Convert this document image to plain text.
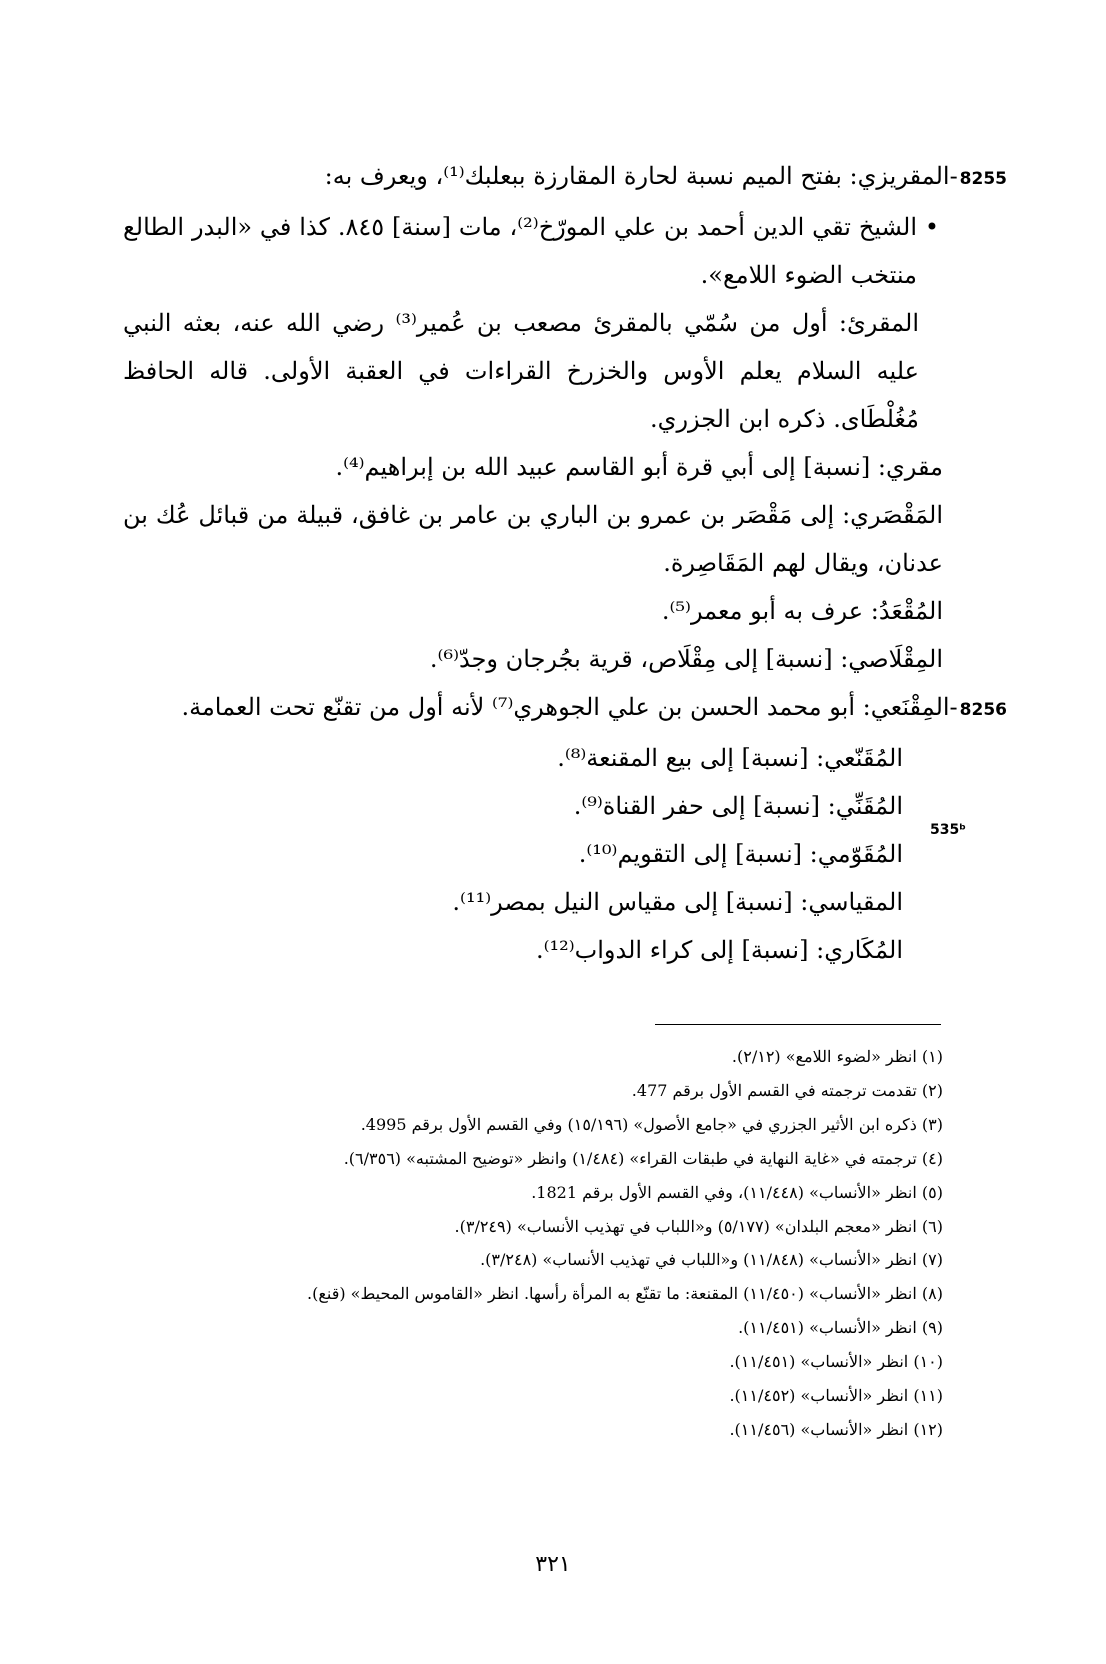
8255-المقريزي: بفتح الميم نسبة لحارة المقارزة ببعلبك⁽¹⁾، ويعرف به:

•
الشيخ تقي الدين أحمد بن علي المورّخ⁽²⁾، مات [سنة] ٨٤٥. كذا في «البدر الطالع منتخب الضوء اللامع».

المقرئ: أول من سُمّي بالمقرئ مصعب بن عُمير⁽³⁾ رضي الله عنه، بعثه النبي عليه السلام يعلم الأوس والخزرخ القراءات في العقبة الأولى. قاله الحافظ مُغُلْطَاى. ذكره ابن الجزري.

مقري: [نسبة] إلى أبي قرة أبو القاسم عبيد الله بن إبراهيم⁽⁴⁾.

المَقْصَري: إلى مَقْصَر بن عمرو بن الباري بن عامر بن غافق، قبيلة من قبائل عُك بن عدنان، ويقال لهم المَقَاصِرة.

المُقْعَدُ: عرف به أبو معمر⁽⁵⁾.

المِقْلَاصي: [نسبة] إلى مِقْلَاص، قرية بجُرجان وجدّ⁽⁶⁾.

8256-المِقْنَعي: أبو محمد الحسن بن علي الجوهري⁽⁷⁾ لأنه أول من تقنّع تحت العمامة.

المُقَنّعي: [نسبة] إلى بيع المقنعة⁽⁸⁾.

المُقَنِّي: [نسبة] إلى حفر القناة⁽⁹⁾.

المُقَوّمي: [نسبة] إلى التقويم⁽¹⁰⁾.

المقياسي: [نسبة] إلى مقياس النيل بمصر⁽¹¹⁾.

المُكَاري: [نسبة] إلى كراء الدواب⁽¹²⁾.

535ᵇ

(١) انظر «لضوء اللامع» (٢/١٢).

(٢) تقدمت ترجمته في القسم الأول برقم 477.

(٣) ذكره ابن الأثير الجزري في «جامع الأصول» (١٥/١٩٦) وفي القسم الأول برقم 4995.

(٤) ترجمته في «غاية النهاية في طبقات القراء» (١/٤٨٤) وانظر «توضيح المشتبه» (٦/٣٥٦).

(٥) انظر «الأنساب» (١١/٤٤٨)، وفي القسم الأول برقم 1821.

(٦) انظر «معجم البلدان» (٥/١٧٧) و«اللباب في تهذيب الأنساب» (٣/٢٤٩).

(٧) انظر «الأنساب» (١١/٨٤٨) و«اللباب في تهذيب الأنساب» (٣/٢٤٨).

(٨) انظر «الأنساب» (١١/٤٥٠) المقنعة: ما تقنّع به المرأة رأسها. انظر «القاموس المحيط» (قنع).

(٩) انظر «الأنساب» (١١/٤٥١).

(١٠) انظر «الأنساب» (١١/٤٥١).

(١١) انظر «الأنساب» (١١/٤٥٢).

(١٢) انظر «الأنساب» (١١/٤٥٦).

٣٢١
